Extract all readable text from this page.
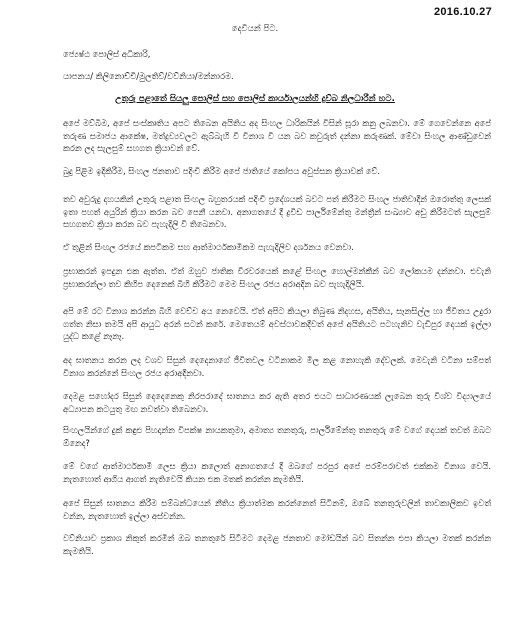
2016.10.27
දෙවියන් පිට.
ජ්‍යෙෂ්ඨ පොලිස් අධිකාරි,
යාපනය/ කිලිනොච්චි/මුලතිව්/වව්නියා/මන්නාරම.
උතුරු පළාතේ සියලු පොලිස් සහ පොලිස් කාර්යාලයන්හි දුව්බ නිලධාරීන් හට.
අපේ මව්බිම, අපේ සංස්කෘතිය අපට තිබෙන අයිතිය අද සිංහල ධාරිකයින් විසින් සූරා කනු ලබනවා. මේ ගෙවෙන්නෙ අපේ තරුණ සමාජය ආකේෂ, මත්ද්‍රව්‍යවලට ඇබ්බැහි වී විනාශ වී යන බව කවුරුත් දන්නා කරුණක්. මේවා සිංහල ආණ්ඩුවෙන් කරන ලද සැලසුම් සහගත ක්‍රියාවන් වේ.
බුදු පිළිම ඉදිකිරීම, සිංහල ජනතාව පදිංචි කිරීම අපේ ජාතියේ කෝපය අවුස්සන ක්‍රියාවක් වේ.
තව අවුරුදු දහයකින් උතුරු පළාත සිංහල බහුතරයක් පදිංචි ප්‍රදේශයක් බවට පත් කිරීමට සිංහල ජාතිවාදීන් ඔරොත්තු ලෙසක් ඉතා පහත් අයුරින් ක්‍රියා කරන බව පෙනී යනවා. අනාගතයේ දී ද්‍රවිඩ පාර්ලිමේන්තු මන්ත්‍රීන් සංඛ්‍යාව අඩු කිරීමටත් සැලසුම් සහගතව ක්‍රියා කරන බව පැහැදිලි වී තිබෙනවා.
ඒ තුළින් සිංහල රජයේ කපටිකම සහ ආත්මාර්ථකාමිකම පැහැදිලිව දර්ශනය වෙනවා.
ප්‍රභාකරන් ඉපදුන එක ඇත්ත. ඒත් ඔහුව ජාතික වීරවරයෙක් කළේ සිංහල හොල්මන්කීන් බව ලෝකයම දන්නවා. එවැනි ප්‍රභාකරන්ලා තව කිහිප දෙනෙක් බිහි කිරීමට මෙම සිංහල රජය අරාඅදින බව පැහැදිලියි.
අපි මේ රට විනාශ කරන්න බිහි වෙච්ච අය නෙවෙයි. ඒත් අපිට කියලා තිබුණ නිදහස, අයිතිය, සෑනසිල්ල හා ජීවිතය උදුරා ගත්ත නිසා තමයි අපි ආයුධ අරන් සටන් කරේ. මෙතෙයම් අවස්ථාවකදීවත් අපේ අයිතියට පටහැනිව වැඩිපුර දෙයක් ඉල්ලා යුද්ධ කළේ නෑනෑ.
අද ඝාතනය කරන ලද වශව සිසුන් දෙදෙනාගේ ජීවිතවල වටිනාකම මිල කළ නොහැකි දේවලක්. මෙවැනි වටිනා සම්පත් විනාශ කරන්නේ සිංහල රජය අරාඅදීනවා.
දෙමළ සහෝදර සිසුන් දෙදෙනෙකු නිරපරාදේ ඝාතනය කර ඇති අතර එයට සාධාරණයක් ලැබෙන තුරු විශ්ව විද්‍යාලයේ අධ්‍යාපන කටයුතු මඟ නවත්වා තිබෙනවා.
සිංහලයින්ගේ දුක් කඳුළු පිහදාන්න විපක්ෂ නායකතුමා, අමාත්‍ය තනතුරු, පාර්ලිමේන්තු තනතුරු මේ වගේ දෙයක් තවත් ඔබට ඕනෙද?
මේ වගේ ආත්මාර්ථකාමී ලෙස ක්‍රියා කලොත් අනාගතයේ දී ඔබගේ පරපුර අපේ පරම්පරාවත් එක්කම විනාශ වෙයි. නැතහොත් ආගිය ආගත් නැතිවෙයි කියන එක මතක් කරන්න කැමතියි.
අපේ සිසුන් ඝාතනය කිරීම සම්බන්ධයෙන් නීතිය ක්‍රියාත්මක කරන්නෙත් සිටිනම්, ඔබේ තනතුරුවලින් තාවකාලිකව ඉවත් වන්න, නැතහොත් ඉල්ලා අස්වන්න.
වව්නියාව ප්‍රකාශ නිකුත් කරමින් ඔබ තනතුරේ සිටීමට දෙමළ ජනතාව මෝඩයින් බව සිතන්න එපා කියලා මතක් කරන්න කැමතියි.
